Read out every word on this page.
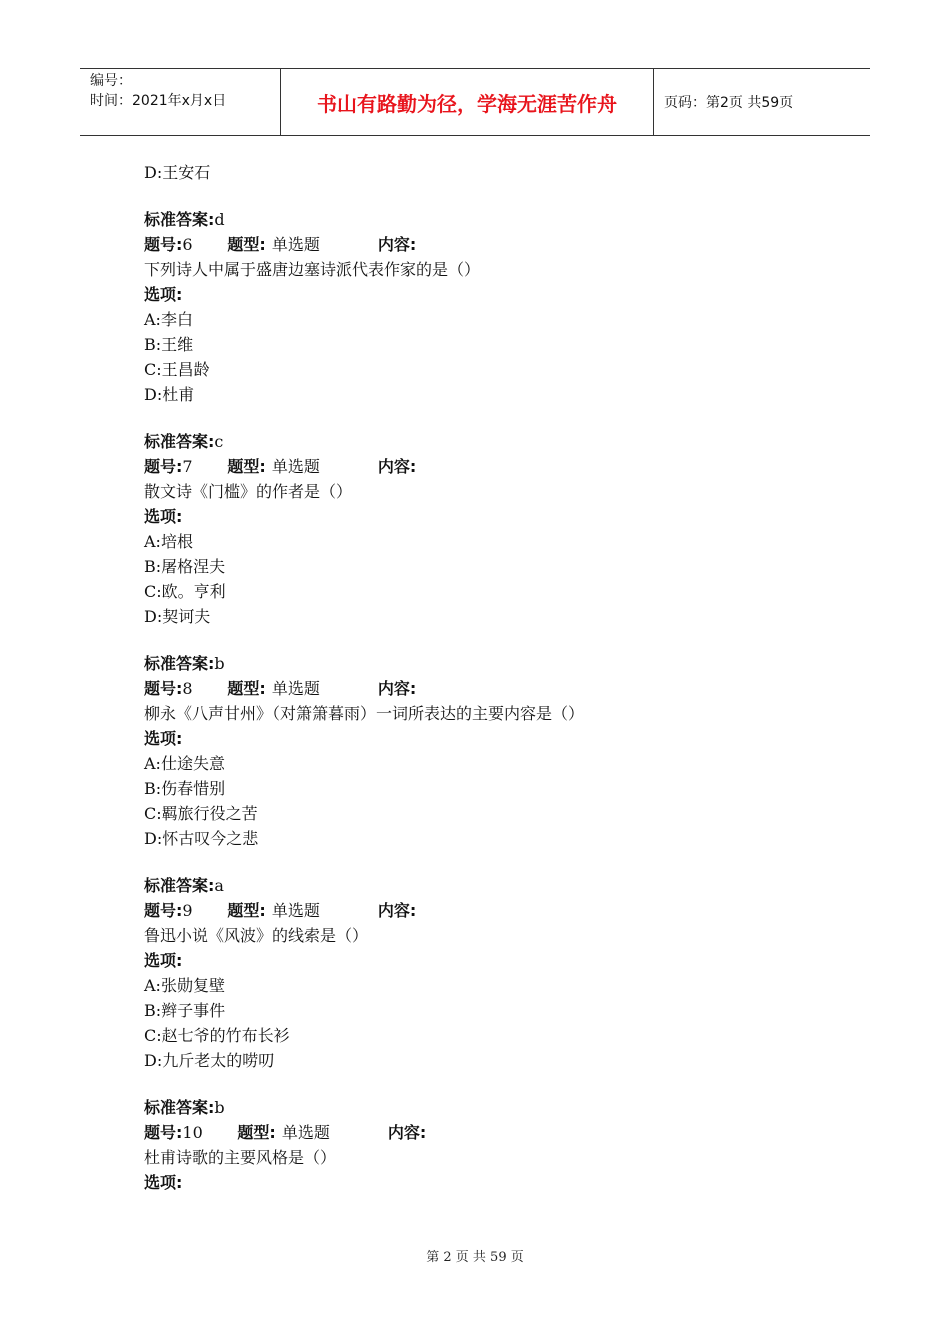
编号：
时间：2021年x月x日	书山有路勤为径，学海无涯苦作舟	页码：第2页 共59页
D:王安石
标准答案:d
题号:6 题型: 单选题	内容:
下列诗人中属于盛唐边塞诗派代表作家的是（）
选项:
A:李白
B:王维
C:王昌龄
D:杜甫
标准答案:c
题号:7 题型: 单选题	内容:
散文诗《门槛》的作者是（）
选项:
A:培根
B:屠格涅夫
C:欧。亨利
D:契诃夫
标准答案:b
题号:8 题型: 单选题	内容:
柳永《八声甘州》（对箫箫暮雨）一词所表达的主要内容是（）
选项:
A:仕途失意
B:伤春惜别
C:羁旅行役之苦
D:怀古叹今之悲
标准答案:a
题号:9 题型: 单选题	内容:
鲁迅小说《风波》的线索是（）
选项:
A:张勋复壁
B:辫子事件
C:赵七爷的竹布长衫
D:九斤老太的唠叨
标准答案:b
题号:10 题型: 单选题	内容:
杜甫诗歌的主要风格是（）
选项:
第 2 页 共 59 页
